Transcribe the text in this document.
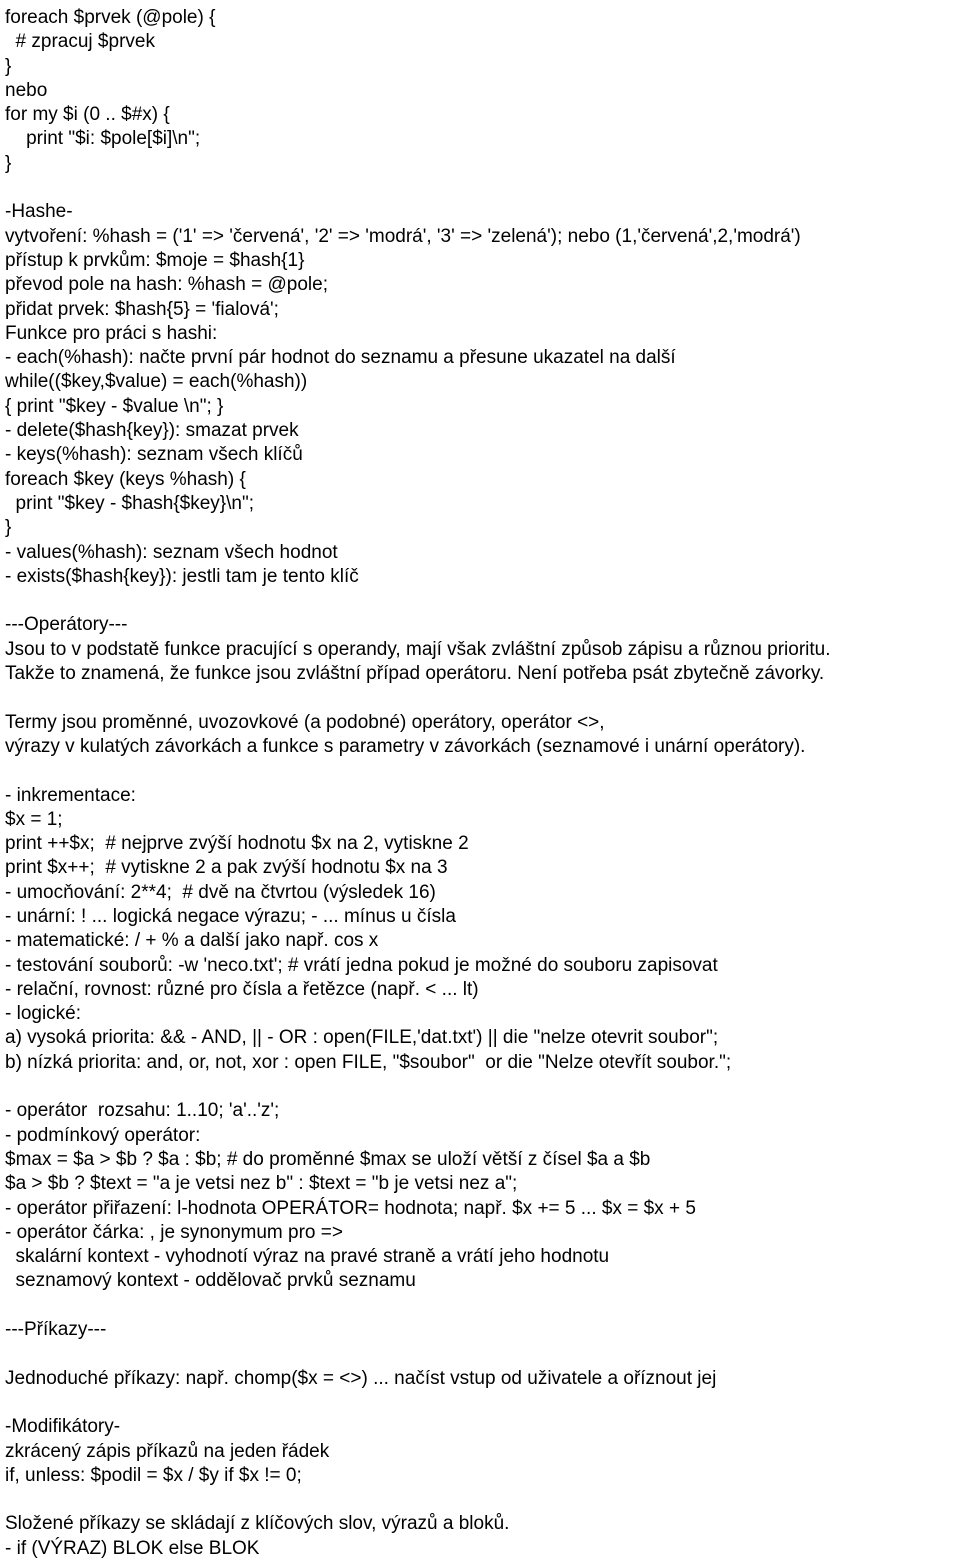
foreach $prvek (@pole) {
# zpracuj $prvek
}
nebo
for my $i (0 .. $#x) {
print "$i: $pole[$i]\n";
}
-Hashe-
vytvoření: %hash = ('1' => 'červená', '2' => 'modrá', '3' => 'zelená'); nebo (1,'červená',2,'modrá')
přístup k prvkům: $moje = $hash{1}
převod pole na hash: %hash = @pole;
přidat prvek: $hash{5} = 'fialová';
Funkce pro práci s hashi:
- each(%hash): načte první pár hodnot do seznamu a přesune ukazatel na další
while(($key,$value) = each(%hash))
{ print "$key - $value \n"; }
- delete($hash{key}): smazat prvek
- keys(%hash): seznam všech klíčů
foreach $key (keys %hash) {
print "$key - $hash{$key}\n";
}
- values(%hash): seznam všech hodnot
- exists($hash{key}): jestli tam je tento klíč
---Operátory---
Jsou to v podstatě funkce pracující s operandy, mají však zvláštní způsob zápisu a různou prioritu.
Takže to znamená, že funkce jsou zvláštní případ operátoru. Není potřeba psát zbytečně závorky.
Termy jsou proměnné, uvozovkové (a podobné) operátory, operátor <>,
výrazy v kulatých závorkách a funkce s parametry v závorkách (seznamové i unární operátory).
- inkrementace:
$x = 1;
print ++$x;  # nejprve zvýší hodnotu $x na 2, vytiskne 2
print $x++;  # vytiskne 2 a pak zvýší hodnotu $x na 3
- umocňování: 2**4;  # dvě na čtvrtou (výsledek 16)
- unární: ! ... logická negace výrazu; - ... mínus u čísla
- matematické: / + % a další jako např. cos x
- testování souborů: -w 'neco.txt'; # vrátí jedna pokud je možné do souboru zapisovat
- relační, rovnost: různé pro čísla a řetězce (např. < ... lt)
- logické:
a) vysoká priorita: && - AND, || - OR : open(FILE,'dat.txt') || die "nelze otevrit soubor";
b) nízká priorita: and, or, not, xor : open FILE, "$soubor"  or die "Nelze otevřít soubor.";
- operátor  rozsahu: 1..10; 'a'..'z';
- podmínkový operátor:
$max = $a > $b ? $a : $b; # do proměnné $max se uloží větší z čísel $a a $b
$a > $b ? $text = "a je vetsi nez b" : $text = "b je vetsi nez a";
- operátor přiřazení: l-hodnota OPERÁTOR= hodnota; např. $x += 5 ... $x = $x + 5
- operátor čárka: , je synonymum pro =>
skalární kontext - vyhodnotí výraz na pravé straně a vrátí jeho hodnotu
seznamový kontext - oddělovač prvků seznamu
---Příkazy---
Jednoduché příkazy: např. chomp($x = <>) ... načíst vstup od uživatele a oříznout jej
-Modifikátory-
zkrácený zápis příkazů na jeden řádek
if, unless: $podil = $x / $y if $x != 0;
Složené příkazy se skládají z klíčových slov, výrazů a bloků.
- if (VÝRAZ) BLOK else BLOK
